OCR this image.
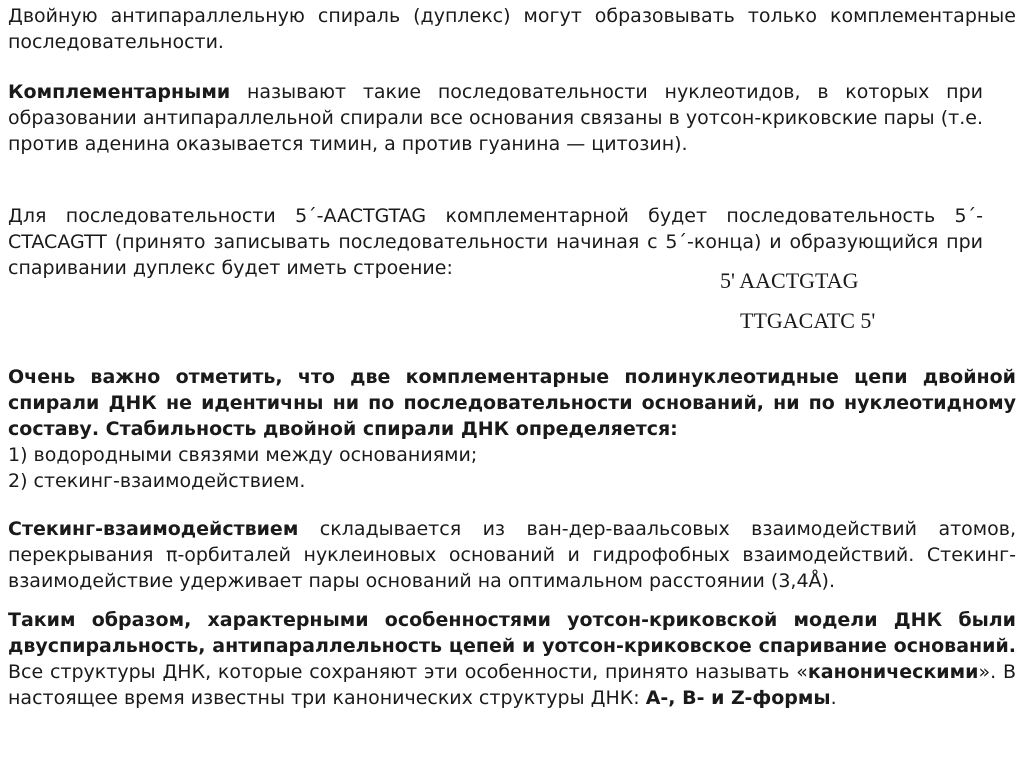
Двойную антипараллельную спираль (дуплекс) могут образовывать только комплементарные последовательности.

Комплементарными называют такие последовательности нуклеотидов, в которых при образовании антипараллельной спирали все основания связаны в уотсон-криковские пары (т.е. против аденина оказывается тимин, а против гуанина — цитозин).

Для последовательности 5´-AACTGTAG комплементарной будет последовательность 5´-CTACAGTT (принято записывать последовательности начиная с 5´-конца) и образующийся при спаривании дуплекс будет иметь строение:	5' AACTGTAG
TTGACATC 5'
Очень важно отметить, что две комплементарные полинуклеотидные цепи двойной спирали ДНК не идентичны ни по последовательности оснований, ни по нуклеотидному составу. Стабильность двойной спирали ДНК определяется:
1) водородными связями между основаниями;
2) стекинг-взаимодействием.

Стекинг-взаимодействием складывается из ван-дер-ваальсовых взаимодействий атомов, перекрывания π-орбиталей нуклеиновых оснований и гидрофобных взаимодействий. Стекинг-взаимодействие удерживает пары оснований на оптимальном расстоянии (3,4Å).

Таким образом, характерными особенностями уотсон-криковской модели ДНК были двуспиральность, антипараллельность цепей и уотсон-криковское спаривание оснований. Все структуры ДНК, которые сохраняют эти особенности, принято называть «каноническими». В настоящее время известны три канонических структуры ДНК: А-, В- и Z-формы.
